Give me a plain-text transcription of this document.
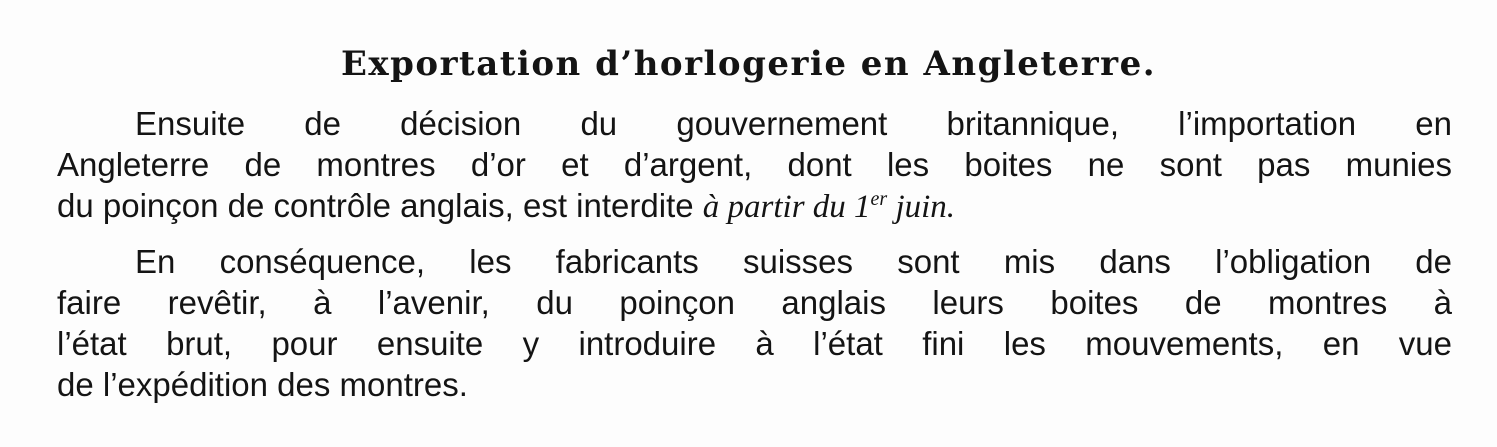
Exportation d’horlogerie en Angleterre.
Ensuite de décision du gouvernement britannique, l’importation en
Angleterre de montres d’or et d’argent, dont les boites ne sont pas munies
du poinçon de contrôle anglais, est interdite à partir du 1er juin.
En conséquence, les fabricants suisses sont mis dans l’obligation de
faire revêtir, à l’avenir, du poinçon anglais leurs boites de montres à
l’état brut, pour ensuite y introduire à l’état fini les mouvements, en vue
de l’expédition des montres.
